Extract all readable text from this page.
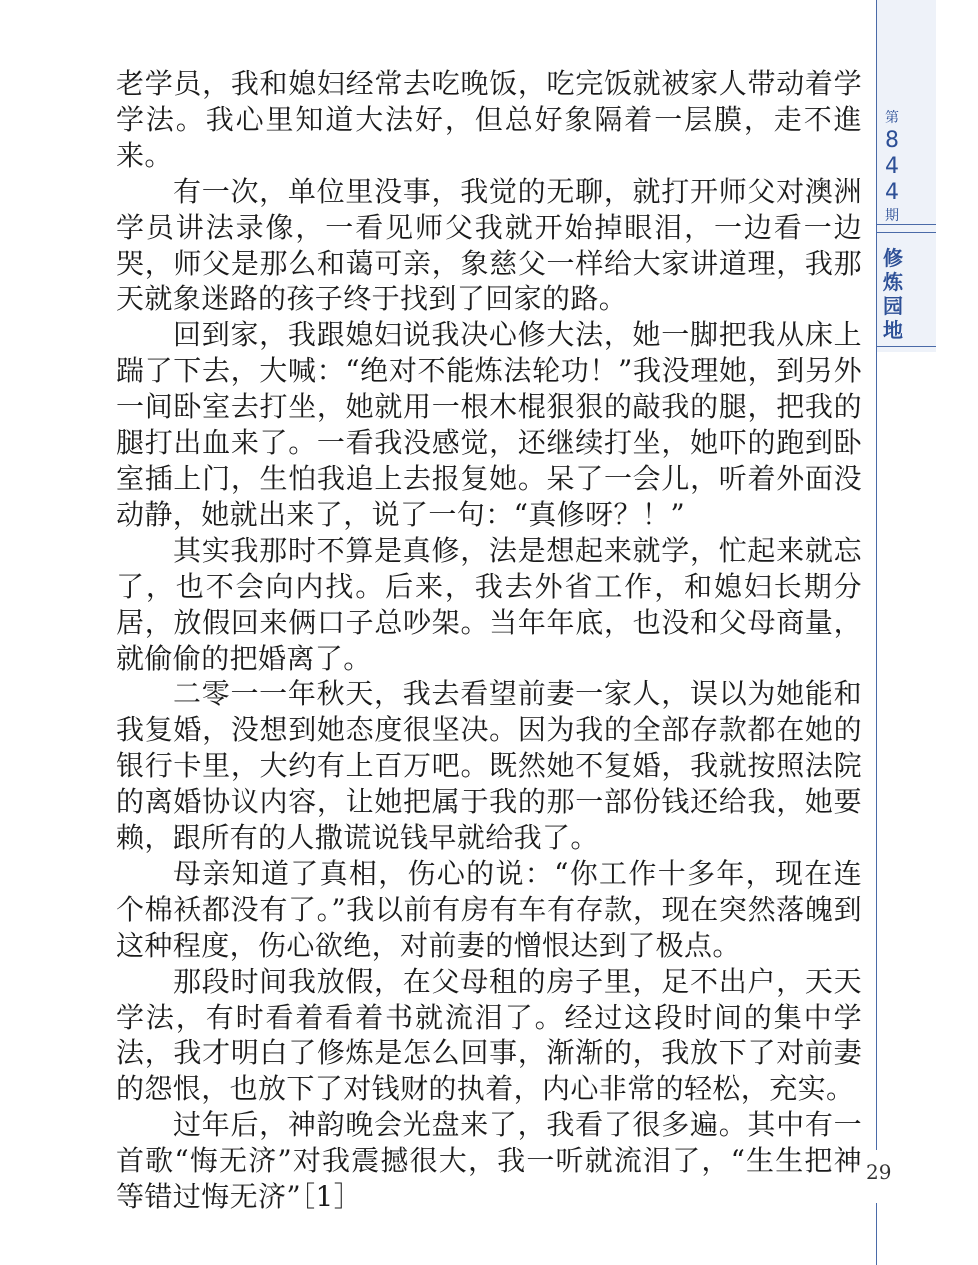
第
8
4
4
期
修
炼
园
地

老学员，我和媳妇经常去吃晚饭，吃完饭就被家人带动着学学法。我心里知道大法好，但总好象隔着一层膜，走不進来。

有一次，单位里没事，我觉的无聊，就打开师父对澳洲学员讲法录像，一看见师父我就开始掉眼泪，一边看一边哭，师父是那么和蔼可亲，象慈父一样给大家讲道理，我那天就象迷路的孩子终于找到了回家的路。

回到家，我跟媳妇说我决心修大法，她一脚把我从床上踹了下去，大喊：“绝对不能炼法轮功！”我没理她，到另外一间卧室去打坐，她就用一根木棍狠狠的敲我的腿，把我的腿打出血来了。一看我没感觉，还继续打坐，她吓的跑到卧室插上门，生怕我追上去报复她。呆了一会儿，听着外面没动静，她就出来了，说了一句：“真修呀？！”

其实我那时不算是真修，法是想起来就学，忙起来就忘了，也不会向内找。后来，我去外省工作，和媳妇长期分居，放假回来俩口子总吵架。当年年底，也没和父母商量，就偷偷的把婚离了。

二零一一年秋天，我去看望前妻一家人，误以为她能和我复婚，没想到她态度很坚决。因为我的全部存款都在她的银行卡里，大约有上百万吧。既然她不复婚，我就按照法院的离婚协议内容，让她把属于我的那一部份钱还给我，她要赖，跟所有的人撒谎说钱早就给我了。

母亲知道了真相，伤心的说：“你工作十多年，现在连个棉袄都没有了。”我以前有房有车有存款，现在突然落魄到这种程度，伤心欲绝，对前妻的憎恨达到了极点。

那段时间我放假，在父母租的房子里，足不出户，天天学法，有时看着看着书就流泪了。经过这段时间的集中学法，我才明白了修炼是怎么回事，渐渐的，我放下了对前妻的怨恨，也放下了对钱财的执着，内心非常的轻松，充实。

过年后，神韵晚会光盘来了，我看了很多遍。其中有一首歌“悔无济”对我震撼很大，我一听就流泪了，“生生把神等错过悔无济”［1］

29
